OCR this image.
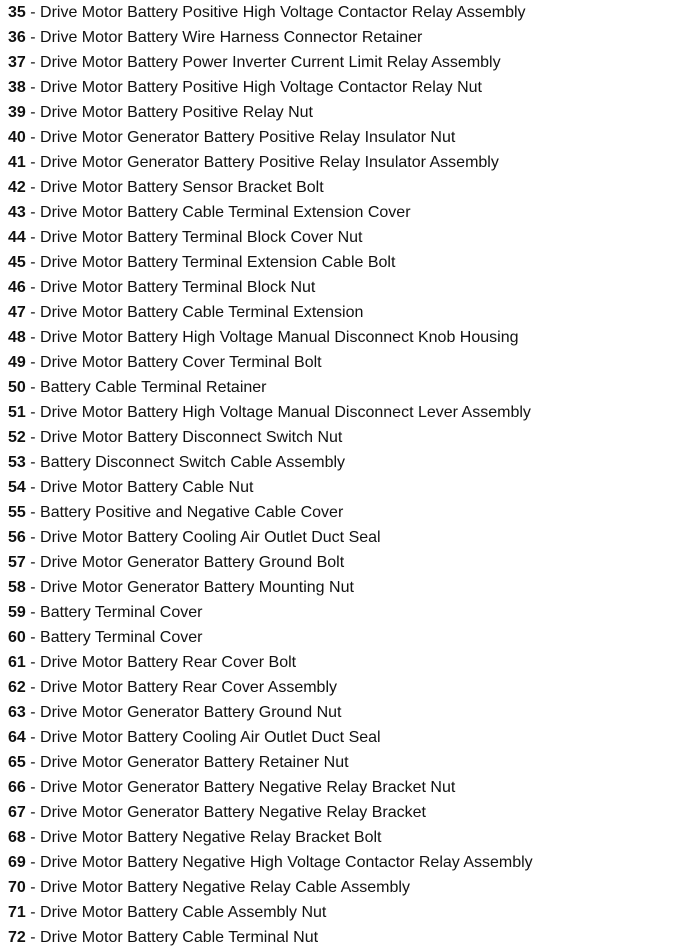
35 - Drive Motor Battery Positive High Voltage Contactor Relay Assembly
36 - Drive Motor Battery Wire Harness Connector Retainer
37 - Drive Motor Battery Power Inverter Current Limit Relay Assembly
38 - Drive Motor Battery Positive High Voltage Contactor Relay Nut
39 - Drive Motor Battery Positive Relay Nut
40 - Drive Motor Generator Battery Positive Relay Insulator Nut
41 - Drive Motor Generator Battery Positive Relay Insulator Assembly
42 - Drive Motor Battery Sensor Bracket Bolt
43 - Drive Motor Battery Cable Terminal Extension Cover
44 - Drive Motor Battery Terminal Block Cover Nut
45 - Drive Motor Battery Terminal Extension Cable Bolt
46 - Drive Motor Battery Terminal Block Nut
47 - Drive Motor Battery Cable Terminal Extension
48 - Drive Motor Battery High Voltage Manual Disconnect Knob Housing
49 - Drive Motor Battery Cover Terminal Bolt
50 - Battery Cable Terminal Retainer
51 - Drive Motor Battery High Voltage Manual Disconnect Lever Assembly
52 - Drive Motor Battery Disconnect Switch Nut
53 - Battery Disconnect Switch Cable Assembly
54 - Drive Motor Battery Cable Nut
55 - Battery Positive and Negative Cable Cover
56 - Drive Motor Battery Cooling Air Outlet Duct Seal
57 - Drive Motor Generator Battery Ground Bolt
58 - Drive Motor Generator Battery Mounting Nut
59 - Battery Terminal Cover
60 - Battery Terminal Cover
61 - Drive Motor Battery Rear Cover Bolt
62 - Drive Motor Battery Rear Cover Assembly
63 - Drive Motor Generator Battery Ground Nut
64 - Drive Motor Battery Cooling Air Outlet Duct Seal
65 - Drive Motor Generator Battery Retainer Nut
66 - Drive Motor Generator Battery Negative Relay Bracket Nut
67 - Drive Motor Generator Battery Negative Relay Bracket
68 - Drive Motor Battery Negative Relay Bracket Bolt
69 - Drive Motor Battery Negative High Voltage Contactor Relay Assembly
70 - Drive Motor Battery Negative Relay Cable Assembly
71 - Drive Motor Battery Cable Assembly Nut
72 - Drive Motor Battery Cable Terminal Nut
